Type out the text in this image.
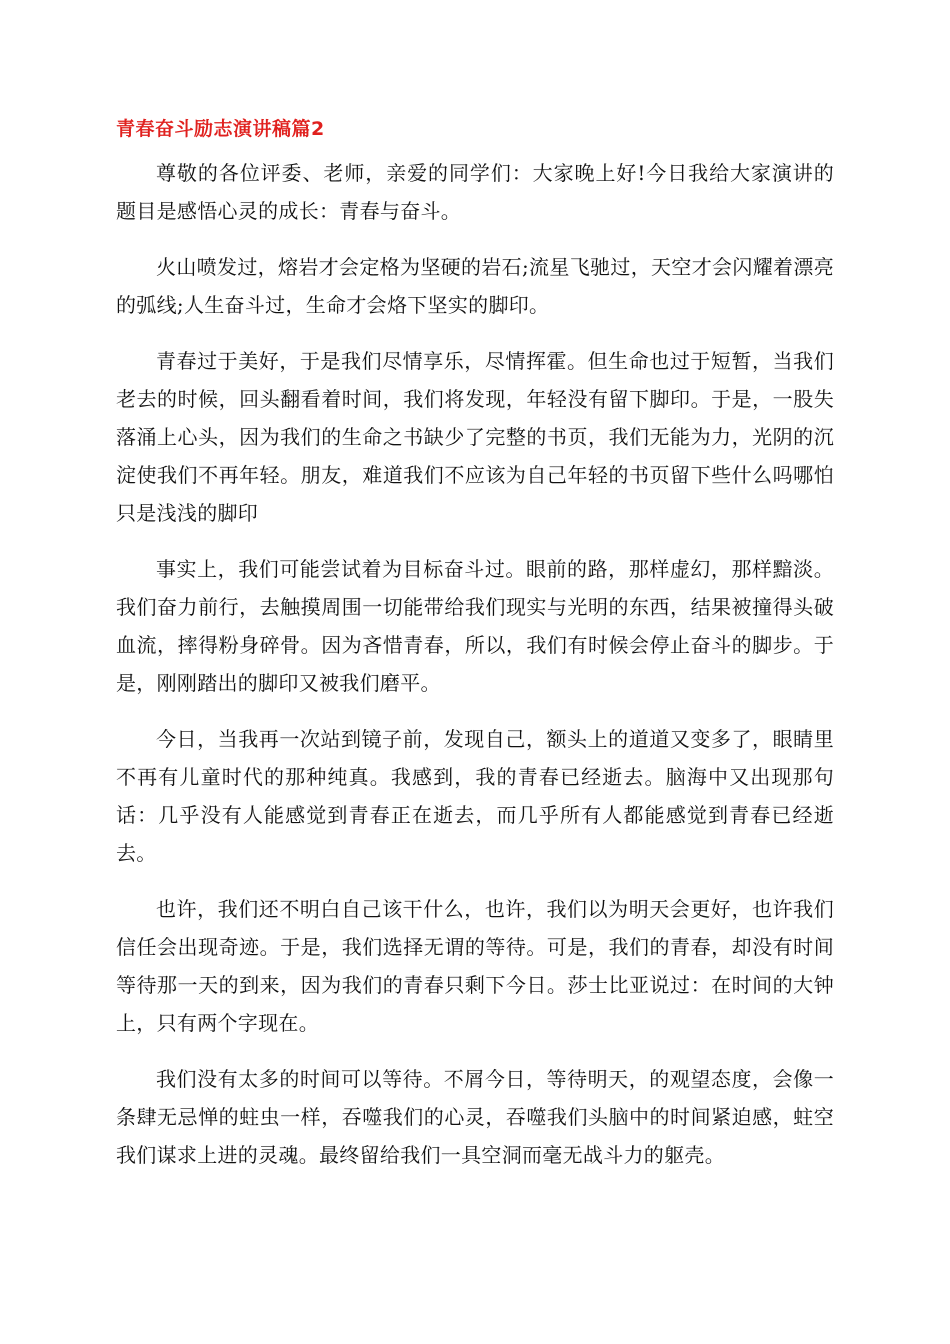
青春奋斗励志演讲稿篇2

尊敬的各位评委、老师，亲爱的同学们：大家晚上好!今日我给大家演讲的题目是感悟心灵的成长：青春与奋斗。

火山喷发过，熔岩才会定格为坚硬的岩石;流星飞驰过，天空才会闪耀着漂亮的弧线;人生奋斗过，生命才会烙下坚实的脚印。

青春过于美好，于是我们尽情享乐，尽情挥霍。但生命也过于短暂，当我们老去的时候，回头翻看着时间，我们将发现，年轻没有留下脚印。于是，一股失落涌上心头，因为我们的生命之书缺少了完整的书页，我们无能为力，光阴的沉淀使我们不再年轻。朋友，难道我们不应该为自己年轻的书页留下些什么吗哪怕只是浅浅的脚印

事实上，我们可能尝试着为目标奋斗过。眼前的路，那样虚幻，那样黯淡。我们奋力前行，去触摸周围一切能带给我们现实与光明的东西，结果被撞得头破血流，摔得粉身碎骨。因为吝惜青春，所以，我们有时候会停止奋斗的脚步。于是，刚刚踏出的脚印又被我们磨平。

今日，当我再一次站到镜子前，发现自己，额头上的道道又变多了，眼睛里不再有儿童时代的那种纯真。我感到，我的青春已经逝去。脑海中又出现那句话：几乎没有人能感觉到青春正在逝去，而几乎所有人都能感觉到青春已经逝去。

也许，我们还不明白自己该干什么，也许，我们以为明天会更好，也许我们信任会出现奇迹。于是，我们选择无谓的等待。可是，我们的青春，却没有时间等待那一天的到来，因为我们的青春只剩下今日。莎士比亚说过：在时间的大钟上，只有两个字现在。

我们没有太多的时间可以等待。不屑今日，等待明天，的观望态度，会像一条肆无忌惮的蛀虫一样，吞噬我们的心灵，吞噬我们头脑中的时间紧迫感，蛀空我们谋求上进的灵魂。最终留给我们一具空洞而毫无战斗力的躯壳。
